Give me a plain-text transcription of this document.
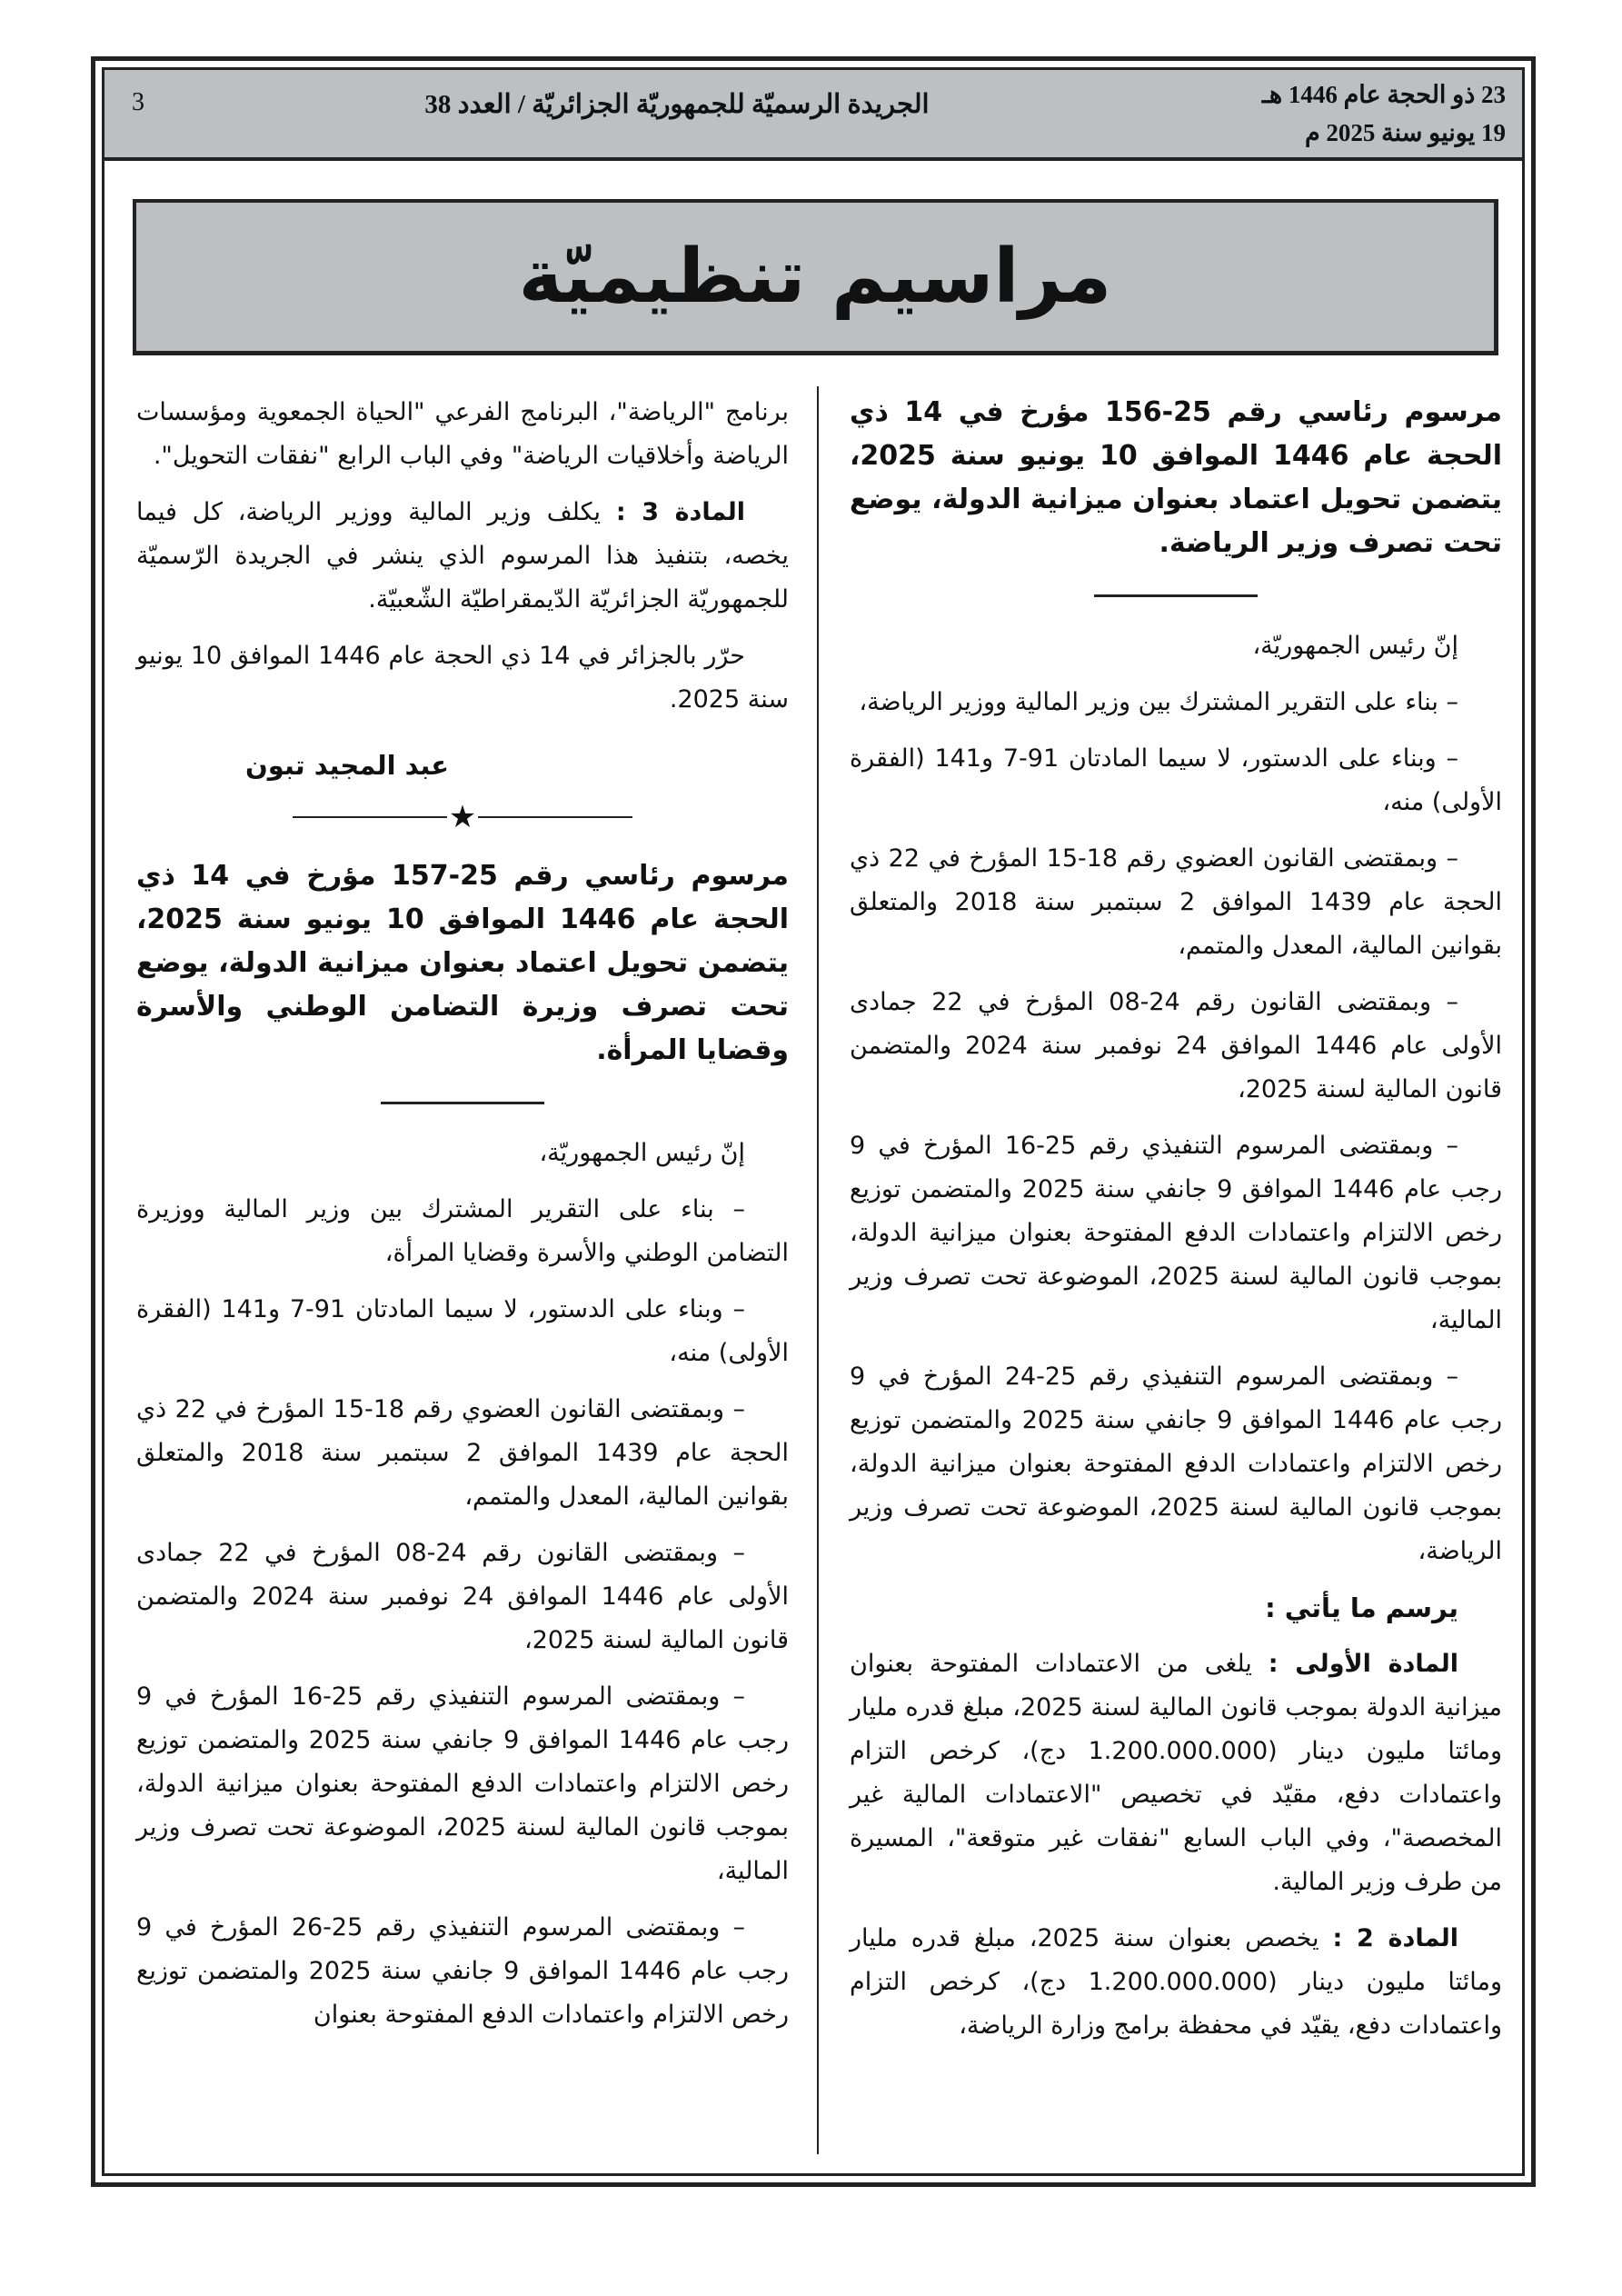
23 ذو الحجة عام 1446 هـ
19 يونيو سنة 2025 م
الجريدة الرسميّة للجمهوريّة الجزائريّة / العدد 38
3
مراسيم تنظيميّة
مرسوم رئاسي رقم 25-156 مؤرخ في 14 ذي الحجة عام 1446 الموافق 10 يونيو سنة 2025، يتضمن تحويل اعتماد بعنوان ميزانية الدولة، يوضع تحت تصرف وزير الرياضة.
إنّ رئيس الجمهوريّة،
– بناء على التقرير المشترك بين وزير المالية ووزير الرياضة،
– وبناء على الدستور، لا سيما المادتان 91-7 و141 (الفقرة الأولى) منه،
– وبمقتضى القانون العضوي رقم 18-15 المؤرخ في 22 ذي الحجة عام 1439 الموافق 2 سبتمبر سنة 2018 والمتعلق بقوانين المالية، المعدل والمتمم،
– وبمقتضى القانون رقم 24-08 المؤرخ في 22 جمادى الأولى عام 1446 الموافق 24 نوفمبر سنة 2024 والمتضمن قانون المالية لسنة 2025،
– وبمقتضى المرسوم التنفيذي رقم 25-16 المؤرخ في 9 رجب عام 1446 الموافق 9 جانفي سنة 2025 والمتضمن توزيع رخص الالتزام واعتمادات الدفع المفتوحة بعنوان ميزانية الدولة، بموجب قانون المالية لسنة 2025، الموضوعة تحت تصرف وزير المالية،
– وبمقتضى المرسوم التنفيذي رقم 25-24 المؤرخ في 9 رجب عام 1446 الموافق 9 جانفي سنة 2025 والمتضمن توزيع رخص الالتزام واعتمادات الدفع المفتوحة بعنوان ميزانية الدولة، بموجب قانون المالية لسنة 2025، الموضوعة تحت تصرف وزير الرياضة،
يرسم ما يأتي :
المادة الأولى : يلغى من الاعتمادات المفتوحة بعنوان ميزانية الدولة بموجب قانون المالية لسنة 2025، مبلغ قدره مليار ومائتا مليون دينار (1.200.000.000 دج)، كرخص التزام واعتمادات دفع، مقيّد في تخصيص "الاعتمادات المالية غير المخصصة"، وفي الباب السابع "نفقات غير متوقعة"، المسيرة من طرف وزير المالية.
المادة 2 : يخصص بعنوان سنة 2025، مبلغ قدره مليار ومائتا مليون دينار (1.200.000.000 دج)، كرخص التزام واعتمادات دفع، يقيّد في محفظة برامج وزارة الرياضة،
برنامج "الرياضة"، البرنامج الفرعي "الحياة الجمعوية ومؤسسات الرياضة وأخلاقيات الرياضة" وفي الباب الرابع "نفقات التحويل".
المادة 3 : يكلف وزير المالية ووزير الرياضة، كل فيما يخصه، بتنفيذ هذا المرسوم الذي ينشر في الجريدة الرّسميّة للجمهوريّة الجزائريّة الدّيمقراطيّة الشّعبيّة.
حرّر بالجزائر في 14 ذي الحجة عام 1446 الموافق 10 يونيو سنة 2025.
عبد المجيد تبون
★
مرسوم رئاسي رقم 25-157 مؤرخ في 14 ذي الحجة عام 1446 الموافق 10 يونيو سنة 2025، يتضمن تحويل اعتماد بعنوان ميزانية الدولة، يوضع تحت تصرف وزيرة التضامن الوطني والأسرة وقضايا المرأة.
إنّ رئيس الجمهوريّة،
– بناء على التقرير المشترك بين وزير المالية ووزيرة التضامن الوطني والأسرة وقضايا المرأة،
– وبناء على الدستور، لا سيما المادتان 91-7 و141 (الفقرة الأولى) منه،
– وبمقتضى القانون العضوي رقم 18-15 المؤرخ في 22 ذي الحجة عام 1439 الموافق 2 سبتمبر سنة 2018 والمتعلق بقوانين المالية، المعدل والمتمم،
– وبمقتضى القانون رقم 24-08 المؤرخ في 22 جمادى الأولى عام 1446 الموافق 24 نوفمبر سنة 2024 والمتضمن قانون المالية لسنة 2025،
– وبمقتضى المرسوم التنفيذي رقم 25-16 المؤرخ في 9 رجب عام 1446 الموافق 9 جانفي سنة 2025 والمتضمن توزيع رخص الالتزام واعتمادات الدفع المفتوحة بعنوان ميزانية الدولة، بموجب قانون المالية لسنة 2025، الموضوعة تحت تصرف وزير المالية،
– وبمقتضى المرسوم التنفيذي رقم 25-26 المؤرخ في 9 رجب عام 1446 الموافق 9 جانفي سنة 2025 والمتضمن توزيع رخص الالتزام واعتمادات الدفع المفتوحة بعنوان
